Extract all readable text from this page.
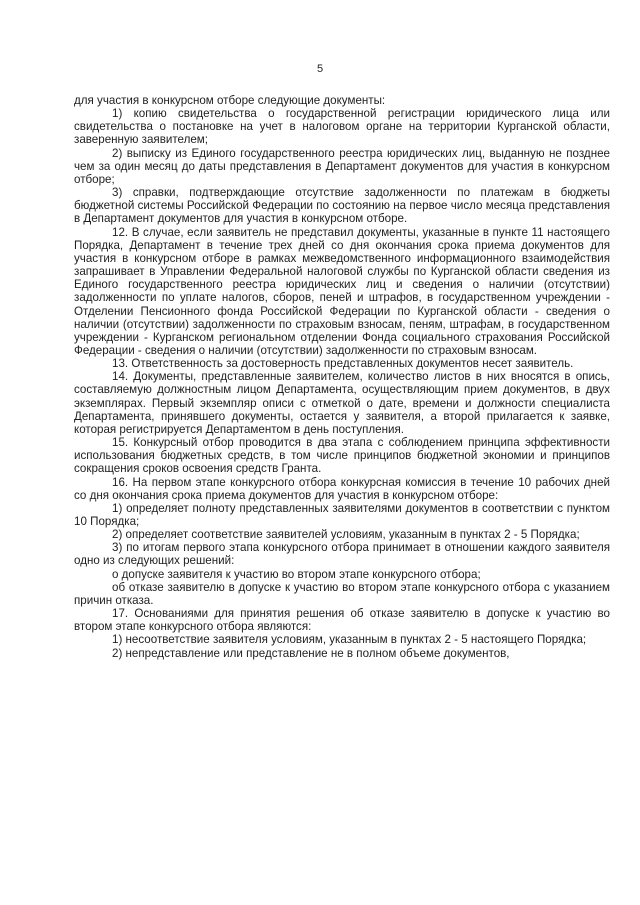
5

для участия в конкурсном отборе следующие документы:

1) копию свидетельства о государственной регистрации юридического лица или свидетельства о постановке на учет в налоговом органе на территории Курганской области, заверенную заявителем;

2) выписку из Единого государственного реестра юридических лиц, выданную не позднее чем за один месяц до даты представления в Департамент документов для участия в конкурсном отборе;

3) справки, подтверждающие отсутствие задолженности по платежам в бюджеты бюджетной системы Российской Федерации по состоянию на первое число месяца представления в Департамент документов для участия в конкурсном отборе.

12. В случае, если заявитель не представил документы, указанные в пункте 11 настоящего Порядка, Департамент в течение трех дней со дня окончания срока приема документов для участия в конкурсном отборе в рамках межведомственного информационного взаимодействия запрашивает в Управлении Федеральной налоговой службы по Курганской области сведения из Единого государственного реестра юридических лиц и сведения о наличии (отсутствии) задолженности по уплате налогов, сборов, пеней и штрафов, в государственном учреждении - Отделении Пенсионного фонда Российской Федерации по Курганской области - сведения о наличии (отсутствии) задолженности по страховым взносам, пеням, штрафам, в государственном учреждении - Курганском региональном отделении Фонда социального страхования Российской Федерации - сведения о наличии (отсутствии) задолженности по страховым взносам.

13. Ответственность за достоверность представленных документов несет заявитель.

14. Документы, представленные заявителем, количество листов в них вносятся в опись, составляемую должностным лицом Департамента, осуществляющим прием документов, в двух экземплярах. Первый экземпляр описи с отметкой о дате, времени и должности специалиста Департамента, принявшего документы, остается у заявителя, а второй прилагается к заявке, которая регистрируется Департаментом в день поступления.

15. Конкурсный отбор проводится в два этапа с соблюдением принципа эффективности использования бюджетных средств, в том числе принципов бюджетной экономии и принципов сокращения сроков освоения средств Гранта.

16. На первом этапе конкурсного отбора конкурсная комиссия в течение 10 рабочих дней со дня окончания срока приема документов для участия в конкурсном отборе:

1) определяет полноту представленных заявителями документов в соответствии с пунктом 10 Порядка;

2) определяет соответствие заявителей условиям, указанным в пунктах 2 - 5 Порядка;

3) по итогам первого этапа конкурсного отбора принимает в отношении каждого заявителя одно из следующих решений:

о допуске заявителя к участию во втором этапе конкурсного отбора;

об отказе заявителю в допуске к участию во втором этапе конкурсного отбора с указанием причин отказа.

17. Основаниями для принятия решения об отказе заявителю в допуске к участию во втором этапе конкурсного отбора являются:

1) несоответствие заявителя условиям, указанным в пунктах 2 - 5 настоящего Порядка;

2) непредставление или представление не в полном объеме документов,
